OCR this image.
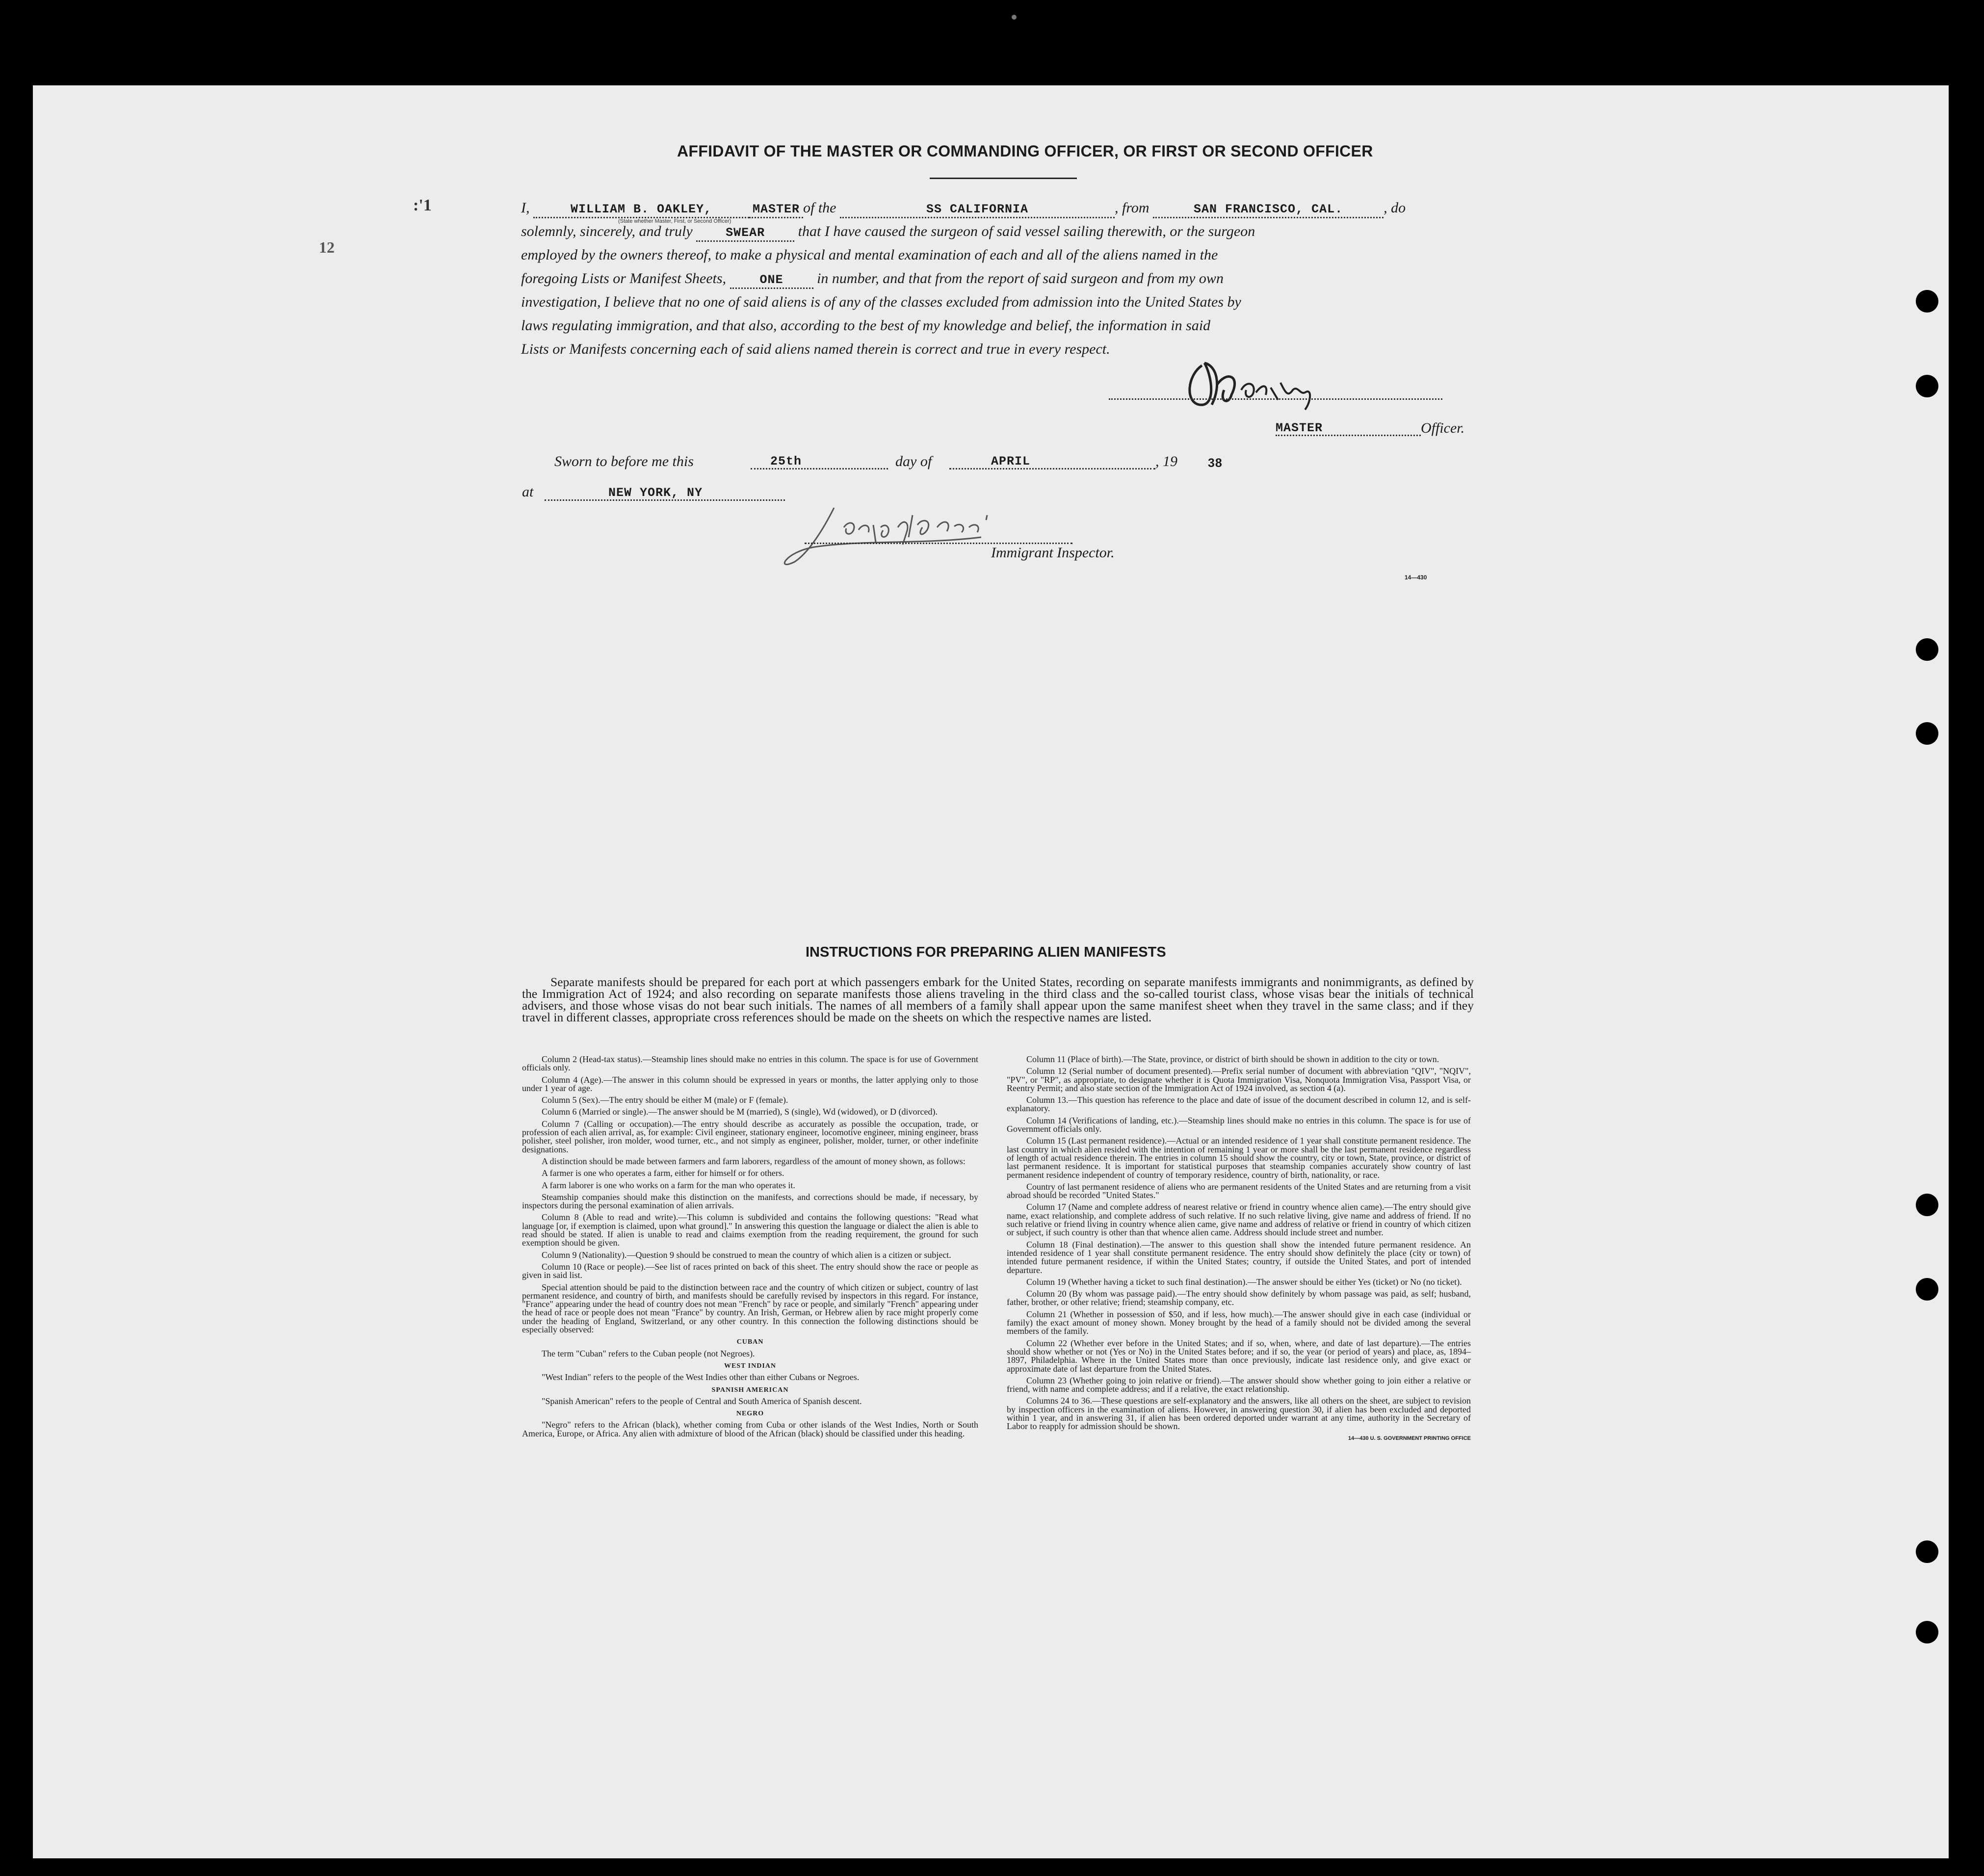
AFFIDAVIT OF THE MASTER OR COMMANDING OFFICER, OR FIRST OR SECOND OFFICER
:'1
12
I,	WILLIAM B. OAKLEY,	MASTER of the	SS CALIFORNIA	, from	SAN FRANCISCO, CAL.	, do
solemnly, sincerely, and truly	SWEAR that I have caused the surgeon of said vessel sailing therewith, or the surgeon
employed by the owners thereof, to make a physical and mental examination of each and all of the aliens named in the
foregoing Lists or Manifest Sheets,	ONE in number, and that from the report of said surgeon and from my own
investigation, I believe that no one of said aliens is of any of the classes excluded from admission into the United States by
laws regulating immigration, and that also, according to the best of my knowledge and belief, the information in said
Lists or Manifests concerning each of said aliens named therein is correct and true in every respect.
(State whether Master, First, or Second Officer)
MASTER	Officer.
Sworn to before me this	25th	day of	APRIL	, 19 38
at	NEW YORK, NY
Immigrant Inspector.
14—430
INSTRUCTIONS FOR PREPARING ALIEN MANIFESTS

Separate manifests should be prepared for each port at which passengers embark for the United States, recording on separate manifests immigrants and nonimmigrants, as defined by the Immigration Act of 1924; and also recording on separate manifests those aliens traveling in the third class and the so-called tourist class, whose visas bear the initials of technical advisers, and those whose visas do not bear such initials. The names of all members of a family shall appear upon the same manifest sheet when they travel in the same class; and if they travel in different classes, appropriate cross references should be made on the sheets on which the respective names are listed.

Column 2 (Head-tax status).—Steamship lines should make no entries in this column. The space is for use of Government officials only.

Column 4 (Age).—The answer in this column should be expressed in years or months, the latter applying only to those under 1 year of age.

Column 5 (Sex).—The entry should be either M (male) or F (female).

Column 6 (Married or single).—The answer should be M (married), S (single), Wd (widowed), or D (divorced).

Column 7 (Calling or occupation).—The entry should describe as accurately as possible the occupation, trade, or profession of each alien arrival, as, for example: Civil engineer, stationary engineer, locomotive engineer, mining engineer, brass polisher, steel polisher, iron molder, wood turner, etc., and not simply as engineer, polisher, molder, turner, or other indefinite designations.

A distinction should be made between farmers and farm laborers, regardless of the amount of money shown, as follows:

A farmer is one who operates a farm, either for himself or for others.

A farm laborer is one who works on a farm for the man who operates it.

Steamship companies should make this distinction on the manifests, and corrections should be made, if necessary, by inspectors during the personal examination of alien arrivals.

Column 8 (Able to read and write).—This column is subdivided and contains the following questions: "Read what language [or, if exemption is claimed, upon what ground]." In answering this question the language or dialect the alien is able to read should be stated. If alien is unable to read and claims exemption from the reading requirement, the ground for such exemption should be given.

Column 9 (Nationality).—Question 9 should be construed to mean the country of which alien is a citizen or subject.

Column 10 (Race or people).—See list of races printed on back of this sheet. The entry should show the race or people as given in said list.

Special attention should be paid to the distinction between race and the country of which citizen or subject, country of last permanent residence, and country of birth, and manifests should be carefully revised by inspectors in this regard. For instance, "France" appearing under the head of country does not mean "French" by race or people, and similarly "French" appearing under the head of race or people does not mean "France" by country. An Irish, German, or Hebrew alien by race might properly come under the heading of England, Switzerland, or any other country. In this connection the following distinctions should be especially observed:

CUBAN

The term "Cuban" refers to the Cuban people (not Negroes).

WEST INDIAN

"West Indian" refers to the people of the West Indies other than either Cubans or Negroes.

SPANISH AMERICAN

"Spanish American" refers to the people of Central and South America of Spanish descent.

NEGRO

"Negro" refers to the African (black), whether coming from Cuba or other islands of the West Indies, North or South America, Europe, or Africa. Any alien with admixture of blood of the African (black) should be classified under this heading.

Column 11 (Place of birth).—The State, province, or district of birth should be shown in addition to the city or town.

Column 12 (Serial number of document presented).—Prefix serial number of document with abbreviation "QIV", "NQIV", "PV", or "RP", as appropriate, to designate whether it is Quota Immigration Visa, Nonquota Immigration Visa, Passport Visa, or Reentry Permit; and also state section of the Immigration Act of 1924 involved, as section 4 (a).

Column 13.—This question has reference to the place and date of issue of the document described in column 12, and is self-explanatory.

Column 14 (Verifications of landing, etc.).—Steamship lines should make no entries in this column. The space is for use of Government officials only.

Column 15 (Last permanent residence).—Actual or an intended residence of 1 year shall constitute permanent residence. The last country in which alien resided with the intention of remaining 1 year or more shall be the last permanent residence regardless of length of actual residence therein. The entries in column 15 should show the country, city or town, State, province, or district of last permanent residence. It is important for statistical purposes that steamship companies accurately show country of last permanent residence independent of country of temporary residence, country of birth, nationality, or race.

Country of last permanent residence of aliens who are permanent residents of the United States and are returning from a visit abroad should be recorded "United States."

Column 17 (Name and complete address of nearest relative or friend in country whence alien came).—The entry should give name, exact relationship, and complete address of such relative. If no such relative living, give name and address of friend. If no such relative or friend living in country whence alien came, give name and address of relative or friend in country of which citizen or subject, if such country is other than that whence alien came. Address should include street and number.

Column 18 (Final destination).—The answer to this question shall show the intended future permanent residence. An intended residence of 1 year shall constitute permanent residence. The entry should show definitely the place (city or town) of intended future permanent residence, if within the United States; country, if outside the United States, and port of intended departure.

Column 19 (Whether having a ticket to such final destination).—The answer should be either Yes (ticket) or No (no ticket).

Column 20 (By whom was passage paid).—The entry should show definitely by whom passage was paid, as self; husband, father, brother, or other relative; friend; steamship company, etc.

Column 21 (Whether in possession of $50, and if less, how much).—The answer should give in each case (individual or family) the exact amount of money shown. Money brought by the head of a family should not be divided among the several members of the family.

Column 22 (Whether ever before in the United States; and if so, when, where, and date of last departure).—The entries should show whether or not (Yes or No) in the United States before; and if so, the year (or period of years) and place, as, 1894–1897, Philadelphia. Where in the United States more than once previously, indicate last residence only, and give exact or approximate date of last departure from the United States.

Column 23 (Whether going to join relative or friend).—The answer should show whether going to join either a relative or friend, with name and complete address; and if a relative, the exact relationship.

Columns 24 to 36.—These questions are self-explanatory and the answers, like all others on the sheet, are subject to revision by inspection officers in the examination of aliens. However, in answering question 30, if alien has been excluded and deported within 1 year, and in answering 31, if alien has been ordered deported under warrant at any time, authority in the Secretary of Labor to reapply for admission should be shown.

14—430 U. S. GOVERNMENT PRINTING OFFICE
